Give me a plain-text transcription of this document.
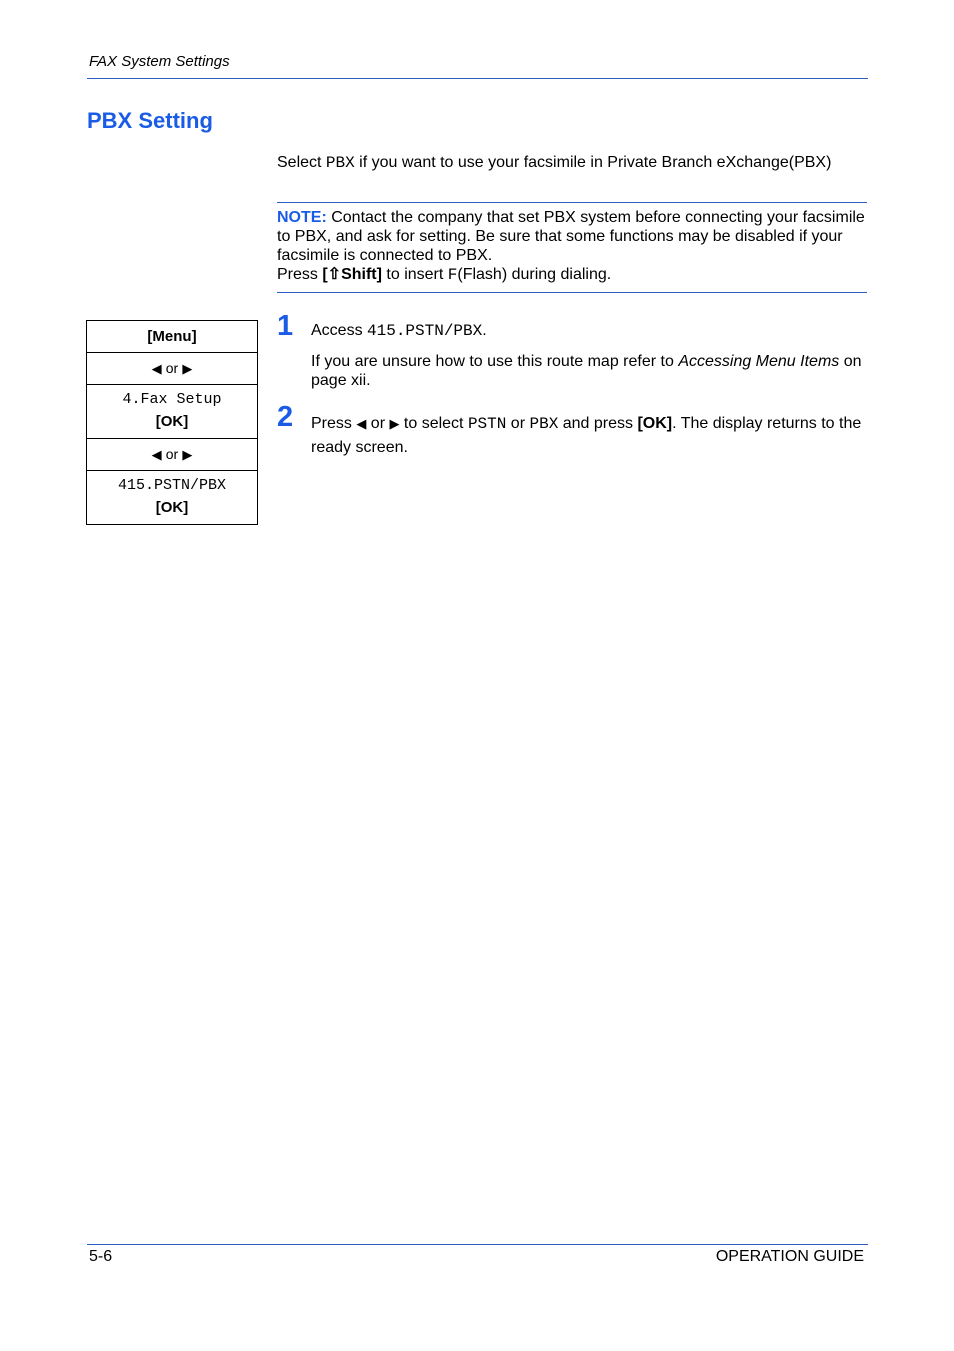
FAX System Settings
PBX Setting

Select PBX if you want to use your facsimile in Private Branch eXchange(PBX)

NOTE: Contact the company that set PBX system before connecting your facsimile to PBX, and ask for setting. Be sure that some functions may be disabled if your facsimile is connected to PBX.
Press [⇧Shift] to insert F(Flash) during dialing.
[Menu]
◀ or ▶
4.Fax Setup
[OK]
◀ or ▶
415.PSTN/PBX
[OK]
1 Access 415.PSTN/PBX.
If you are unsure how to use this route map refer to Accessing Menu Items on page xii.
2 Press ◀ or ▶ to select PSTN or PBX and press [OK]. The display returns to the ready screen.
5-6	OPERATION GUIDE
